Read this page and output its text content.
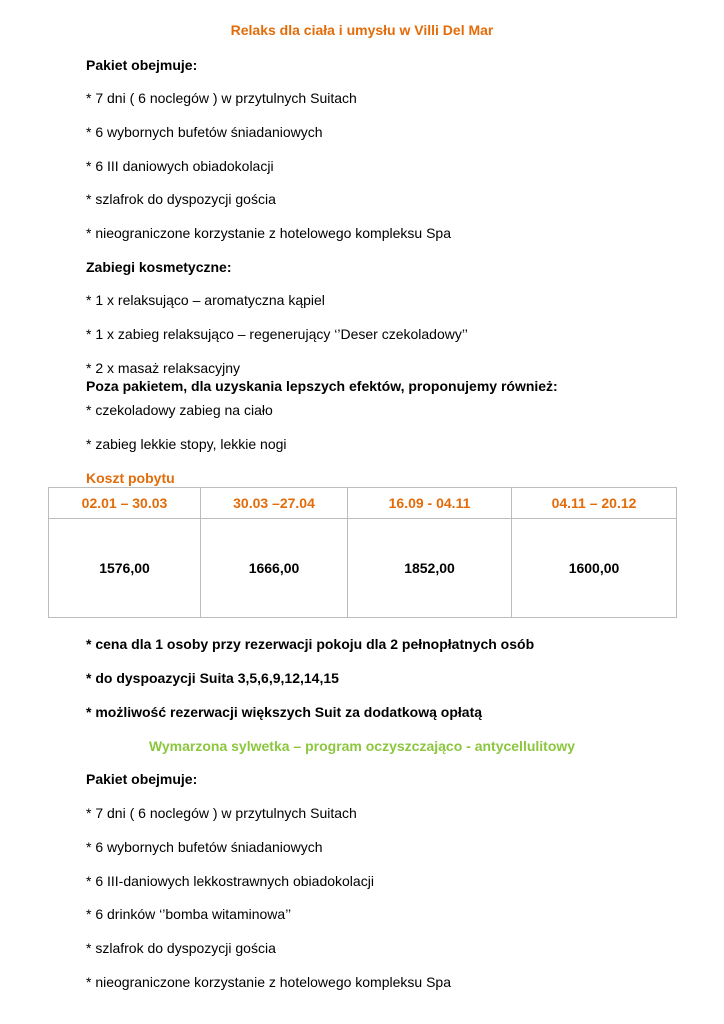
Relaks dla ciała i umysłu w Villi Del Mar
Pakiet obejmuje:
* 7 dni ( 6 noclegów ) w przytulnych Suitach
* 6 wybornych bufetów śniadaniowych
* 6 III daniowych obiadokolacji
* szlafrok do dyspozycji gościa
* nieograniczone korzystanie z hotelowego kompleksu Spa
Zabiegi kosmetyczne:
* 1 x relaksująco – aromatyczna kąpiel
* 1 x zabieg relaksująco – regenerujący ‘’Deser czekoladowy’’
* 2 x masaż relaksacyjny
Poza pakietem, dla uzyskania lepszych efektów, proponujemy również:
* czekoladowy zabieg na ciało
* zabieg lekkie stopy, lekkie nogi
Koszt pobytu
02.01 – 30.03	30.03 –27.04	16.09 - 04.11	04.11 – 20.12
1576,00	1666,00	1852,00	1600,00
* cena dla 1 osoby przy rezerwacji pokoju dla 2 pełnopłatnych osób
* do dyspoazycji Suita 3,5,6,9,12,14,15
* możliwość rezerwacji większych Suit za dodatkową opłatą
Wymarzona sylwetka – program oczyszczająco - antycellulitowy
Pakiet obejmuje:
* 7 dni ( 6 noclegów ) w przytulnych Suitach
* 6 wybornych bufetów śniadaniowych
* 6 III-daniowych lekkostrawnych obiadokolacji
* 6 drinków ‘’bomba witaminowa’’
* szlafrok do dyspozycji gościa
* nieograniczone korzystanie z hotelowego kompleksu Spa
